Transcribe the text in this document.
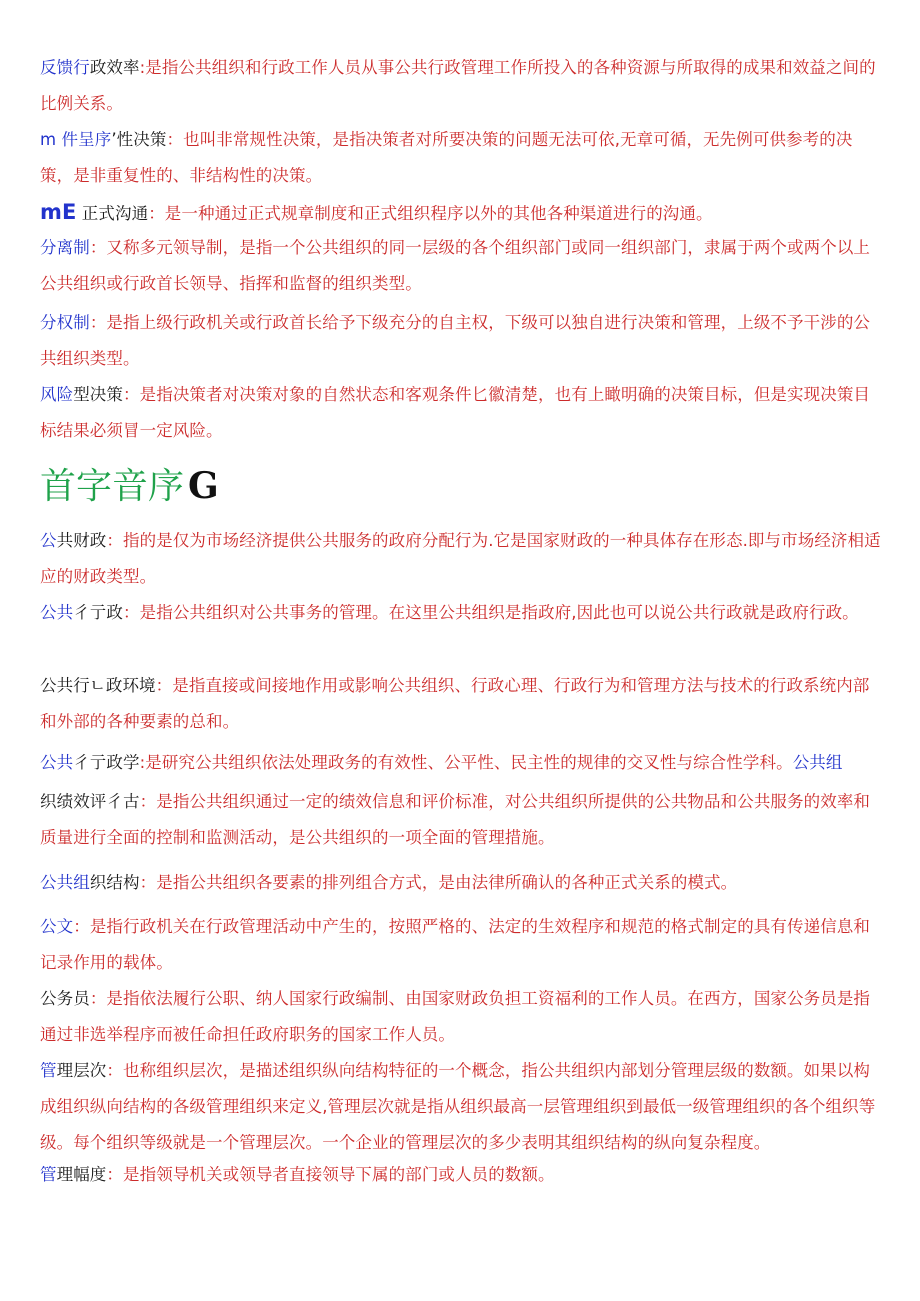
反馈行政效率:是指公共组织和行政工作人员从事公共行政管理工作所投入的各种资源与所取得的成果和效益之间的比例关系。
m 件呈序’性决策：也叫非常规性决策，是指决策者对所要决策的问题无法可依,无章可循，无先例可供参考的决策，是非重复性的、非结构性的决策。
mE 正式沟通：是一种通过正式规章制度和正式组织程序以外的其他各种渠道进行的沟通。
分离制：又称多元领导制，是指一个公共组织的同一层级的各个组织部门或同一组织部门，隶属于两个或两个以上公共组织或行政首长领导、指挥和监督的组织类型。
分权制：是指上级行政机关或行政首长给予下级充分的自主权，下级可以独自进行决策和管理，上级不予干涉的公共组织类型。
风险型决策：是指决策者对决策对象的自然状态和客观条件匕徽清楚，也有上瞰明确的决策目标，但是实现决策目标结果必须冒一定风险。
首字音序 G
公共财政：指的是仅为市场经济提供公共服务的政府分配行为.它是国家财政的一种具体存在形态.即与市场经济相适应的财政类型。
公共彳亍政：是指公共组织对公共事务的管理。在这里公共组织是指政府,因此也可以说公共行政就是政府行政。
公共行ㄴ政环境：是指直接或间接地作用或影响公共组织、行政心理、行政行为和管理方法与技术的行政系统内部和外部的各种要素的总和。
公共彳亍政学:是研究公共组织依法处理政务的有效性、公平性、民主性的规律的交叉性与综合性学科。公共组
织绩效评彳古：是指公共组织通过一定的绩效信息和评价标准，对公共组织所提供的公共物品和公共服务的效率和质量进行全面的控制和监测活动，是公共组织的一项全面的管理措施。
公共组织结构：是指公共组织各要素的排列组合方式，是由法律所确认的各种正式关系的模式。
公文：是指行政机关在行政管理活动中产生的，按照严格的、法定的生效程序和规范的格式制定的具有传递信息和记录作用的载体。
公务员：是指依法履行公职、纳人国家行政编制、由国家财政负担工资福利的工作人员。在西方，国家公务员是指通过非选举程序而被任命担任政府职务的国家工作人员。
管理层次：也称组织层次，是描述组织纵向结构特征的一个概念，指公共组织内部划分管理层级的数额。如果以构成组织纵向结构的各级管理组织来定义,管理层次就是指从组织最高一层管理组织到最低一级管理组织的各个组织等级。每个组织等级就是一个管理层次。一个企业的管理层次的多少表明其组织结构的纵向复杂程度。
管理幅度：是指领导机关或领导者直接领导下属的部门或人员的数额。
